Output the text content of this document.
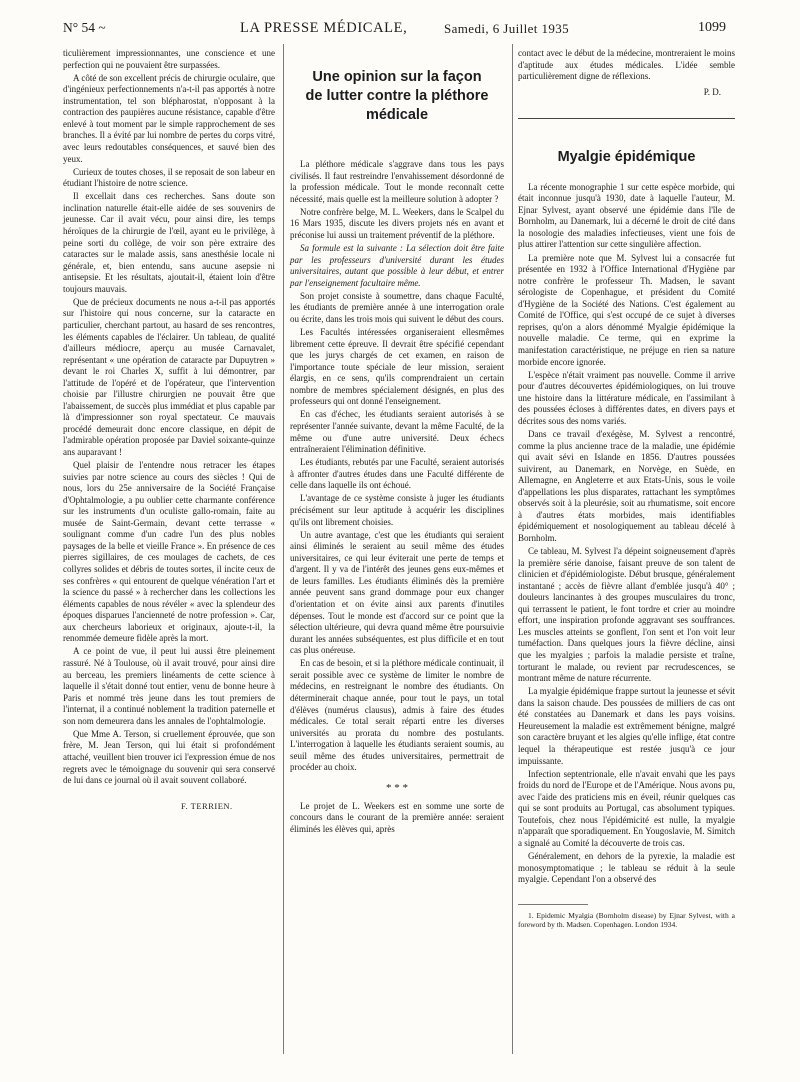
N° 54 ~	LA PRESSE MÉDICALE,	Samedi, 6 Juillet 1935	1099

ticulièrement impressionnantes, une conscience et une perfection qui ne pouvaient être surpassées.

A côté de son excellent précis de chirurgie oculaire, que d'ingénieux perfectionnements n'a-t-il pas apportés à notre instrumentation, tel son blépharostat, n'opposant à la contraction des paupières aucune résistance, capable d'être enlevé à tout moment par le simple rapprochement de ses branches. Il a évité par lui nombre de pertes du corps vitré, avec leurs redoutables conséquences, et sauvé bien des yeux.

Curieux de toutes choses, il se reposait de son labeur en étudiant l'histoire de notre science.

Il excellait dans ces recherches. Sans doute son inclination naturelle était-elle aidée de ses souvenirs de jeunesse. Car il avait vécu, pour ainsi dire, les temps héroïques de la chirurgie de l'œil, ayant eu le privilège, à peine sorti du collège, de voir son père extraire des cataractes sur le malade assis, sans anesthésie locale ni générale, et, bien entendu, sans aucune asepsie ni antisepsie. Et les résultats, ajoutait-il, étaient loin d'être toujours mauvais.

Que de précieux documents ne nous a-t-il pas apportés sur l'histoire qui nous concerne, sur la cataracte en particulier, cherchant partout, au hasard de ses rencontres, les éléments capables de l'éclairer. Un tableau, de qualité d'ailleurs médiocre, aperçu au musée Carnavalet, représentant « une opération de cataracte par Dupuytren » devant le roi Charles X, suffit à lui démontrer, par l'attitude de l'opéré et de l'opérateur, que l'intervention choisie par l'illustre chirurgien ne pouvait être que l'abaissement, de succès plus immédiat et plus capable par là d'impressionner son royal spectateur. Ce mauvais procédé demeurait donc encore classique, en dépit de l'admirable opération proposée par Daviel soixante-quinze ans auparavant !

Quel plaisir de l'entendre nous retracer les étapes suivies par notre science au cours des siècles ! Qui de nous, lors du 25e anniversaire de la Société Française d'Ophtalmologie, a pu oublier cette charmante conférence sur les instruments d'un oculiste gallo-romain, faite au musée de Saint-Germain, devant cette terrasse « soulignant comme d'un cadre l'un des plus nobles paysages de la belle et vieille France ». En présence de ces pierres sigillaires, de ces moulages de cachets, de ces collyres solides et débris de toutes sortes, il incite ceux de ses confrères « qui entourent de quelque vénération l'art et la science du passé » à rechercher dans les collections les éléments capables de nous révéler « avec la splendeur des époques disparues l'ancienneté de notre profession ». Car, aux chercheurs laborieux et originaux, ajoute-t-il, la renommée demeure fidèle après la mort.

A ce point de vue, il peut lui aussi être pleinement rassuré. Né à Toulouse, où il avait trouvé, pour ainsi dire au berceau, les premiers linéaments de cette science à laquelle il s'était donné tout entier, venu de bonne heure à Paris et nommé très jeune dans les tout premiers de l'internat, il a continué noblement la tradition paternelle et son nom demeurera dans les annales de l'ophtalmologie.

Que Mme A. Terson, si cruellement éprouvée, que son frère, M. Jean Terson, qui lui était si profondément attaché, veuillent bien trouver ici l'expression émue de nos regrets avec le témoignage du souvenir qui sera conservé de lui dans ce journal où il avait souvent collaboré.

F. TERRIEN.
Une opinion sur la façon
de lutter contre la pléthore
médicale

La pléthore médicale s'aggrave dans tous les pays civilisés. Il faut restreindre l'envahissement désordonné de la profession médicale. Tout le monde reconnaît cette nécessité, mais quelle est la meilleure solution à adopter ?

Notre confrère belge, M. L. Weekers, dans le Scalpel du 16 Mars 1935, discute les divers projets nés en avant et préconise lui aussi un traitement préventif de la pléthore.

Sa formule est la suivante : La sélection doit être faite par les professeurs d'université durant les études universitaires, autant que possible à leur début, et entrer par l'enseignement facultaire même.

Son projet consiste à soumettre, dans chaque Faculté, les étudiants de première année à une interrogation orale ou écrite, dans les trois mois qui suivent le début des cours.

Les Facultés intéressées organiseraient ellesmêmes librement cette épreuve. Il devrait être spécifié cependant que les jurys chargés de cet examen, en raison de l'importance toute spéciale de leur mission, seraient élargis, en ce sens, qu'ils comprendraient un certain nombre de membres spécialement désignés, en plus des professeurs qui ont donné l'enseignement.

En cas d'échec, les étudiants seraient autorisés à se représenter l'année suivante, devant la même Faculté, de la même ou d'une autre université. Deux échecs entraîneraient l'élimination définitive.

Les étudiants, rebutés par une Faculté, seraient autorisés à affronter d'autres études dans une Faculté différente de celle dans laquelle ils ont échoué.

L'avantage de ce système consiste à juger les étudiants précisément sur leur aptitude à acquérir les disciplines qu'ils ont librement choisies.

Un autre avantage, c'est que les étudiants qui seraient ainsi éliminés le seraient au seuil même des études universitaires, ce qui leur éviterait une perte de temps et d'argent. Il y va de l'intérêt des jeunes gens eux-mêmes et de leurs familles. Les étudiants éliminés dès la première année peuvent sans grand dommage pour eux changer d'orientation et on évite ainsi aux parents d'inutiles dépenses. Tout le monde est d'accord sur ce point que la sélection ultérieure, qui devra quand même être poursuivie durant les années subséquentes, est plus difficile et en tout cas plus onéreuse.

En cas de besoin, et si la pléthore médicale continuait, il serait possible avec ce système de limiter le nombre de médecins, en restreignant le nombre des étudiants. On déterminerait chaque année, pour tout le pays, un total d'élèves (numérus clausus), admis à faire des études médicales. Ce total serait réparti entre les diverses universités au prorata du nombre des postulants. L'interrogation à laquelle les étudiants seraient soumis, au seuil même des études universitaires, permettrait de procéder au choix.

* * *

Le projet de L. Weekers est en somme une sorte de concours dans le courant de la première année: seraient éliminés les élèves qui, après

contact avec le début de la médecine, montreraient le moins d'aptitude aux études médicales. L'idée semble particulièrement digne de réflexions.

P. D.
Myalgie épidémique

La récente monographie 1 sur cette espèce morbide, qui était inconnue jusqu'à 1930, date à laquelle l'auteur, M. Ejnar Sylvest, ayant observé une épidémie dans l'île de Bornholm, au Danemark, lui a décerné le droit de cité dans la nosologie des maladies infectieuses, vient une fois de plus attirer l'attention sur cette singulière affection.

La première note que M. Sylvest lui a consacrée fut présentée en 1932 à l'Office International d'Hygiène par notre confrère le professeur Th. Madsen, le savant sérologiste de Copenhague, et président du Comité d'Hygiène de la Société des Nations. C'est également au Comité de l'Office, qui s'est occupé de ce sujet à diverses reprises, qu'on a alors dénommé Myalgie épidémique la nouvelle maladie. Ce terme, qui en exprime la manifestation caractéristique, ne préjuge en rien sa nature morbide encore ignorée.

L'espèce n'était vraiment pas nouvelle. Comme il arrive pour d'autres découvertes épidémiologiques, on lui trouve une histoire dans la littérature médicale, en l'assimilant à des poussées écloses à différentes dates, en divers pays et décrites sous des noms variés.

Dans ce travail d'exégèse, M. Sylvest a rencontré, comme la plus ancienne trace de la maladie, une épidémie qui avait sévi en Islande en 1856. D'autres poussées suivirent, au Danemark, en Norvège, en Suède, en Allemagne, en Angleterre et aux Etats-Unis, sous le voile d'appellations les plus disparates, rattachant les symptômes observés soit à la pleurésie, soit au rhumatisme, soit encore à d'autres états morbides, mais identifiables épidémiquement et nosologiquement au tableau décelé à Bornholm.

Ce tableau, M. Sylvest l'a dépeint soigneusement d'après la première série danoise, faisant preuve de son talent de clinicien et d'épidémiologiste. Début brusque, généralement instantané ; accès de fièvre allant d'emblée jusqu'à 40° ; douleurs lancinantes à des groupes musculaires du tronc, qui terrassent le patient, le font tordre et crier au moindre effort, une inspiration profonde aggravant ses souffrances. Les muscles atteints se gonflent, l'on sent et l'on voit leur tuméfaction. Dans quelques jours la fièvre décline, ainsi que les myalgies ; parfois la maladie persiste et traîne, torturant le malade, ou revient par recrudescences, se montrant même de nature récurrente.

La myalgie épidémique frappe surtout la jeunesse et sévit dans la saison chaude. Des poussées de milliers de cas ont été constatées au Danemark et dans les pays voisins. Heureusement la maladie est extrêmement bénigne, malgré son caractère bruyant et les algies qu'elle inflige, état contre lequel la thérapeutique est restée jusqu'à ce jour impuissante.

Infection septentrionale, elle n'avait envahi que les pays froids du nord de l'Europe et de l'Amérique. Nous avons pu, avec l'aide des praticiens mis en éveil, réunir quelques cas qui se sont produits au Portugal, cas absolument typiques. Toutefois, chez nous l'épidémicité est nulle, la myalgie n'apparaît que sporadiquement. En Yougoslavie, M. Simitch a signalé au Comité la découverte de trois cas.

Généralement, en dehors de la pyrexie, la maladie est monosymptomatique ; le tableau se réduit à la seule myalgie. Cependant l'on a observé des

1. Epidemic Myalgia (Bornholm disease) by Ejnar Sylvest, with a foreword by th. Madsen. Copenhagen. London 1934.
